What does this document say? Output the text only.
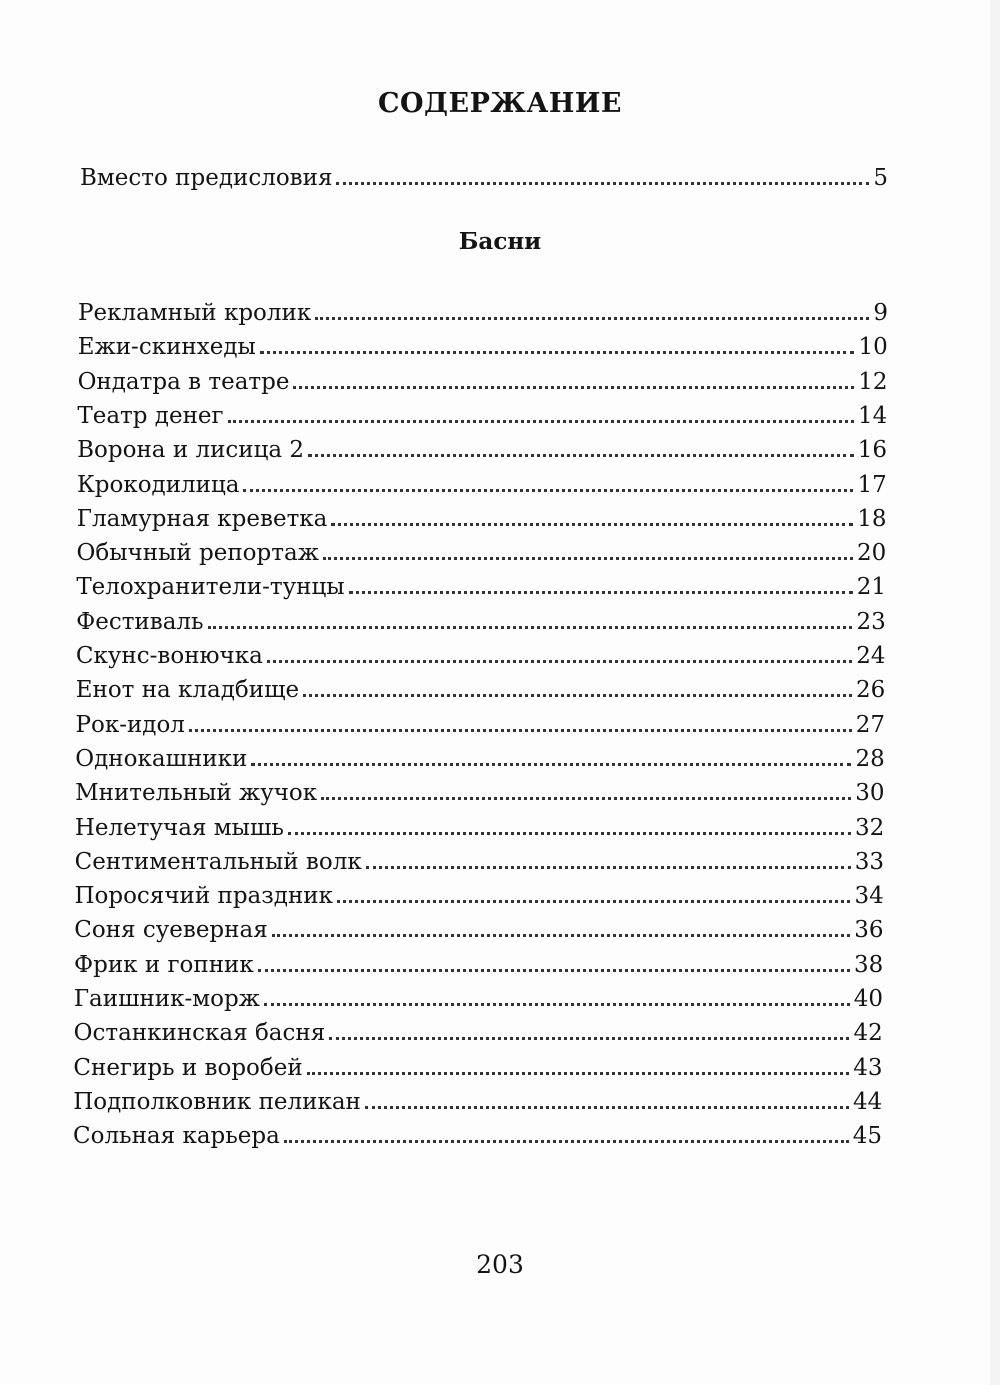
СОДЕРЖАНИЕ
Вместо предисловия	5
Басни
Рекламный кролик	9
Ежи-скинхеды	10
Ондатра в театре	12
Театр денег	14
Ворона и лисица 2	16
Крокодилица	17
Гламурная креветка	18
Обычный репортаж	20
Телохранители-тунцы	21
Фестиваль	23
Скунс-вонючка	24
Енот на кладбище	26
Рок-идол	27
Однокашники	28
Мнительный жучок	30
Нелетучая мышь	32
Сентиментальный волк	33
Поросячий праздник	34
Соня суеверная	36
Фрик и гопник	38
Гаишник-морж	40
Останкинская басня	42
Снегирь и воробей	43
Подполковник пеликан	44
Сольная карьера	45
203
